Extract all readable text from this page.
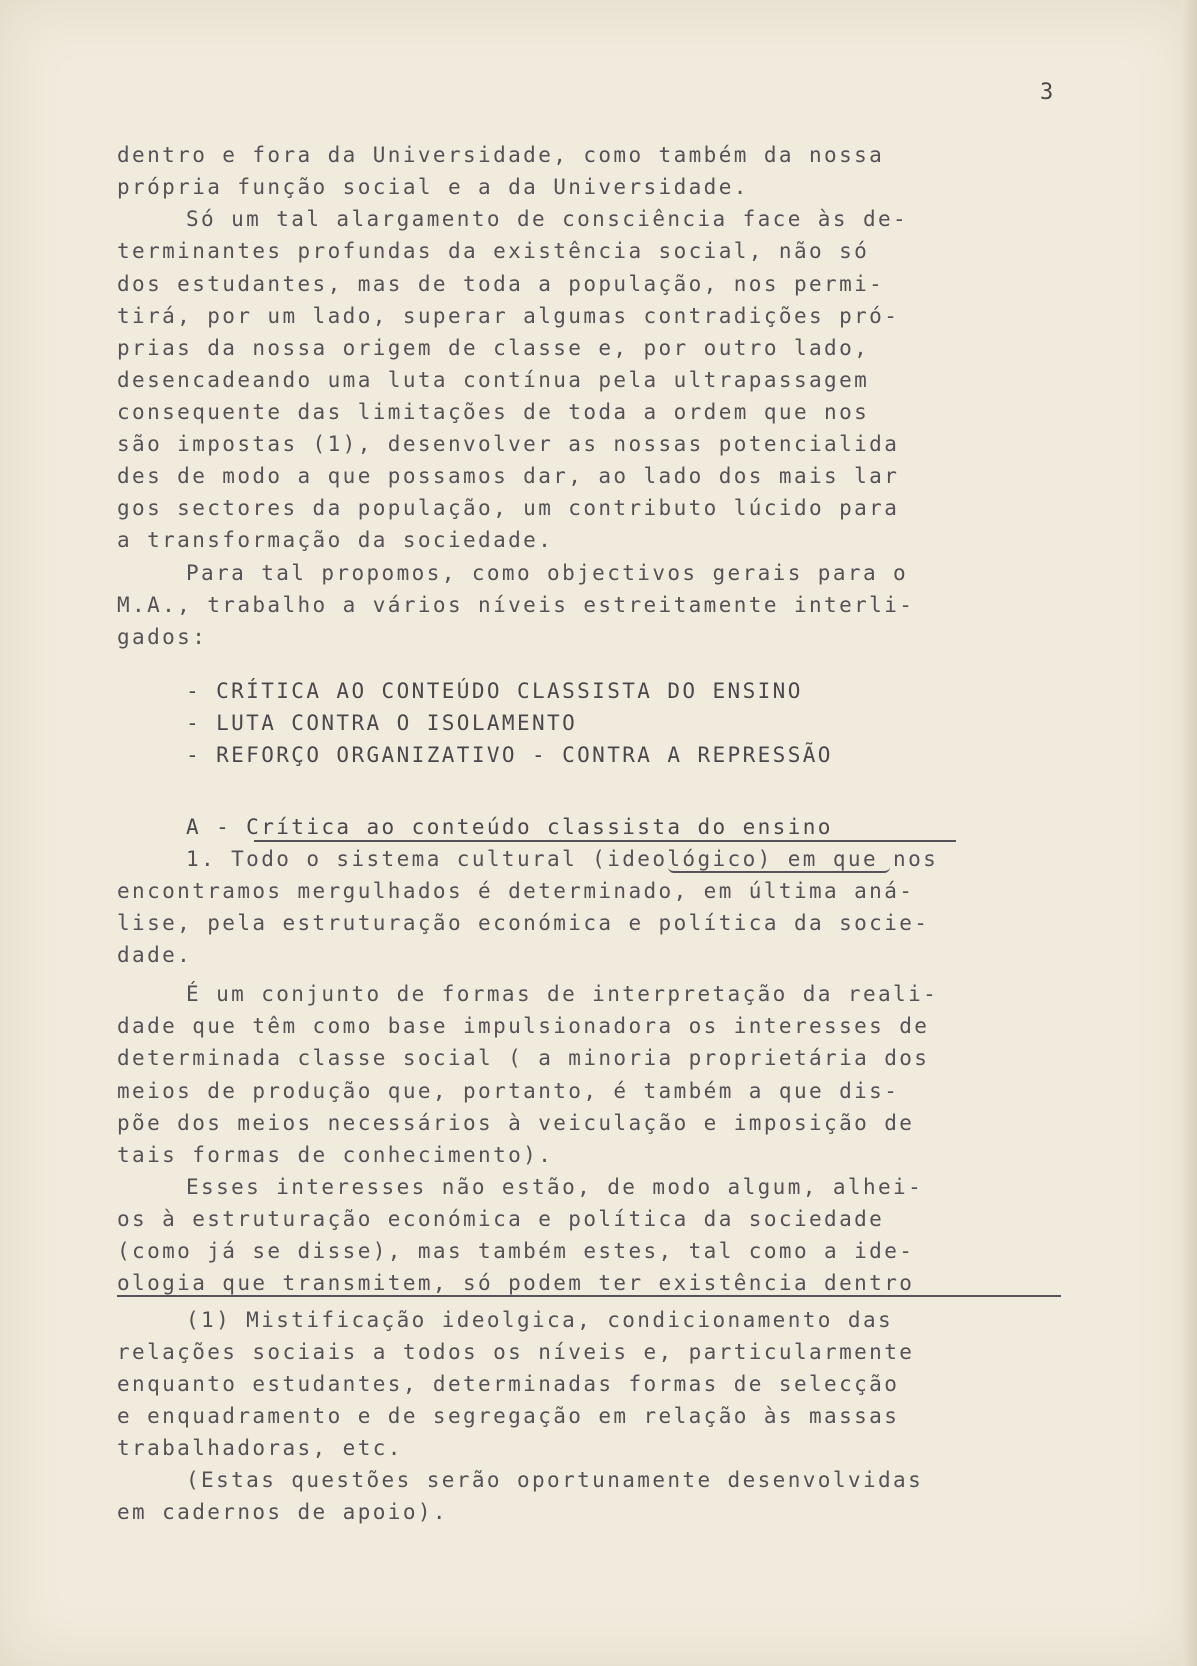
3
dentro e fora da Universidade, como também da nossa
própria função social e a da Universidade.
Só um tal alargamento de consciência face às de-
terminantes profundas da existência social, não só
dos estudantes, mas de toda a população, nos permi-
tirá, por um lado, superar algumas contradições pró-
prias da nossa origem de classe e, por outro lado,
desencadeando uma luta contínua pela ultrapassagem
consequente das limitações de toda a ordem que nos
são impostas (1), desenvolver as nossas potencialida
des de modo a que possamos dar, ao lado dos mais lar
gos sectores da população, um contributo lúcido para
a transformação da sociedade.
Para tal propomos, como objectivos gerais para o
M.A., trabalho a vários níveis estreitamente interli-
gados:
- CRÍTICA AO CONTEÚDO CLASSISTA DO ENSINO
- LUTA CONTRA O ISOLAMENTO
- REFORÇO ORGANIZATIVO - CONTRA A REPRESSÃO
A - Crítica ao conteúdo classista do ensino
1. Todo o sistema cultural (ideológico) em que nos
encontramos mergulhados é determinado, em última aná-
lise, pela estruturação económica e política da socie-
dade.
É um conjunto de formas de interpretação da reali-
dade que têm como base impulsionadora os interesses de
determinada classe social ( a minoria proprietária dos
meios de produção que, portanto, é também a que dis-
põe dos meios necessários à veiculação e imposição de
tais formas de conhecimento).
Esses interesses não estão, de modo algum, alhei-
os à estruturação económica e política da sociedade
(como já se disse), mas também estes, tal como a ide-
ologia que transmitem, só podem ter existência dentro
(1) Mistificação ideolgica, condicionamento das
relações sociais a todos os níveis e, particularmente
enquanto estudantes, determinadas formas de selecção
e enquadramento e de segregação em relação às massas
trabalhadoras, etc.
(Estas questões serão oportunamente desenvolvidas
em cadernos de apoio).
